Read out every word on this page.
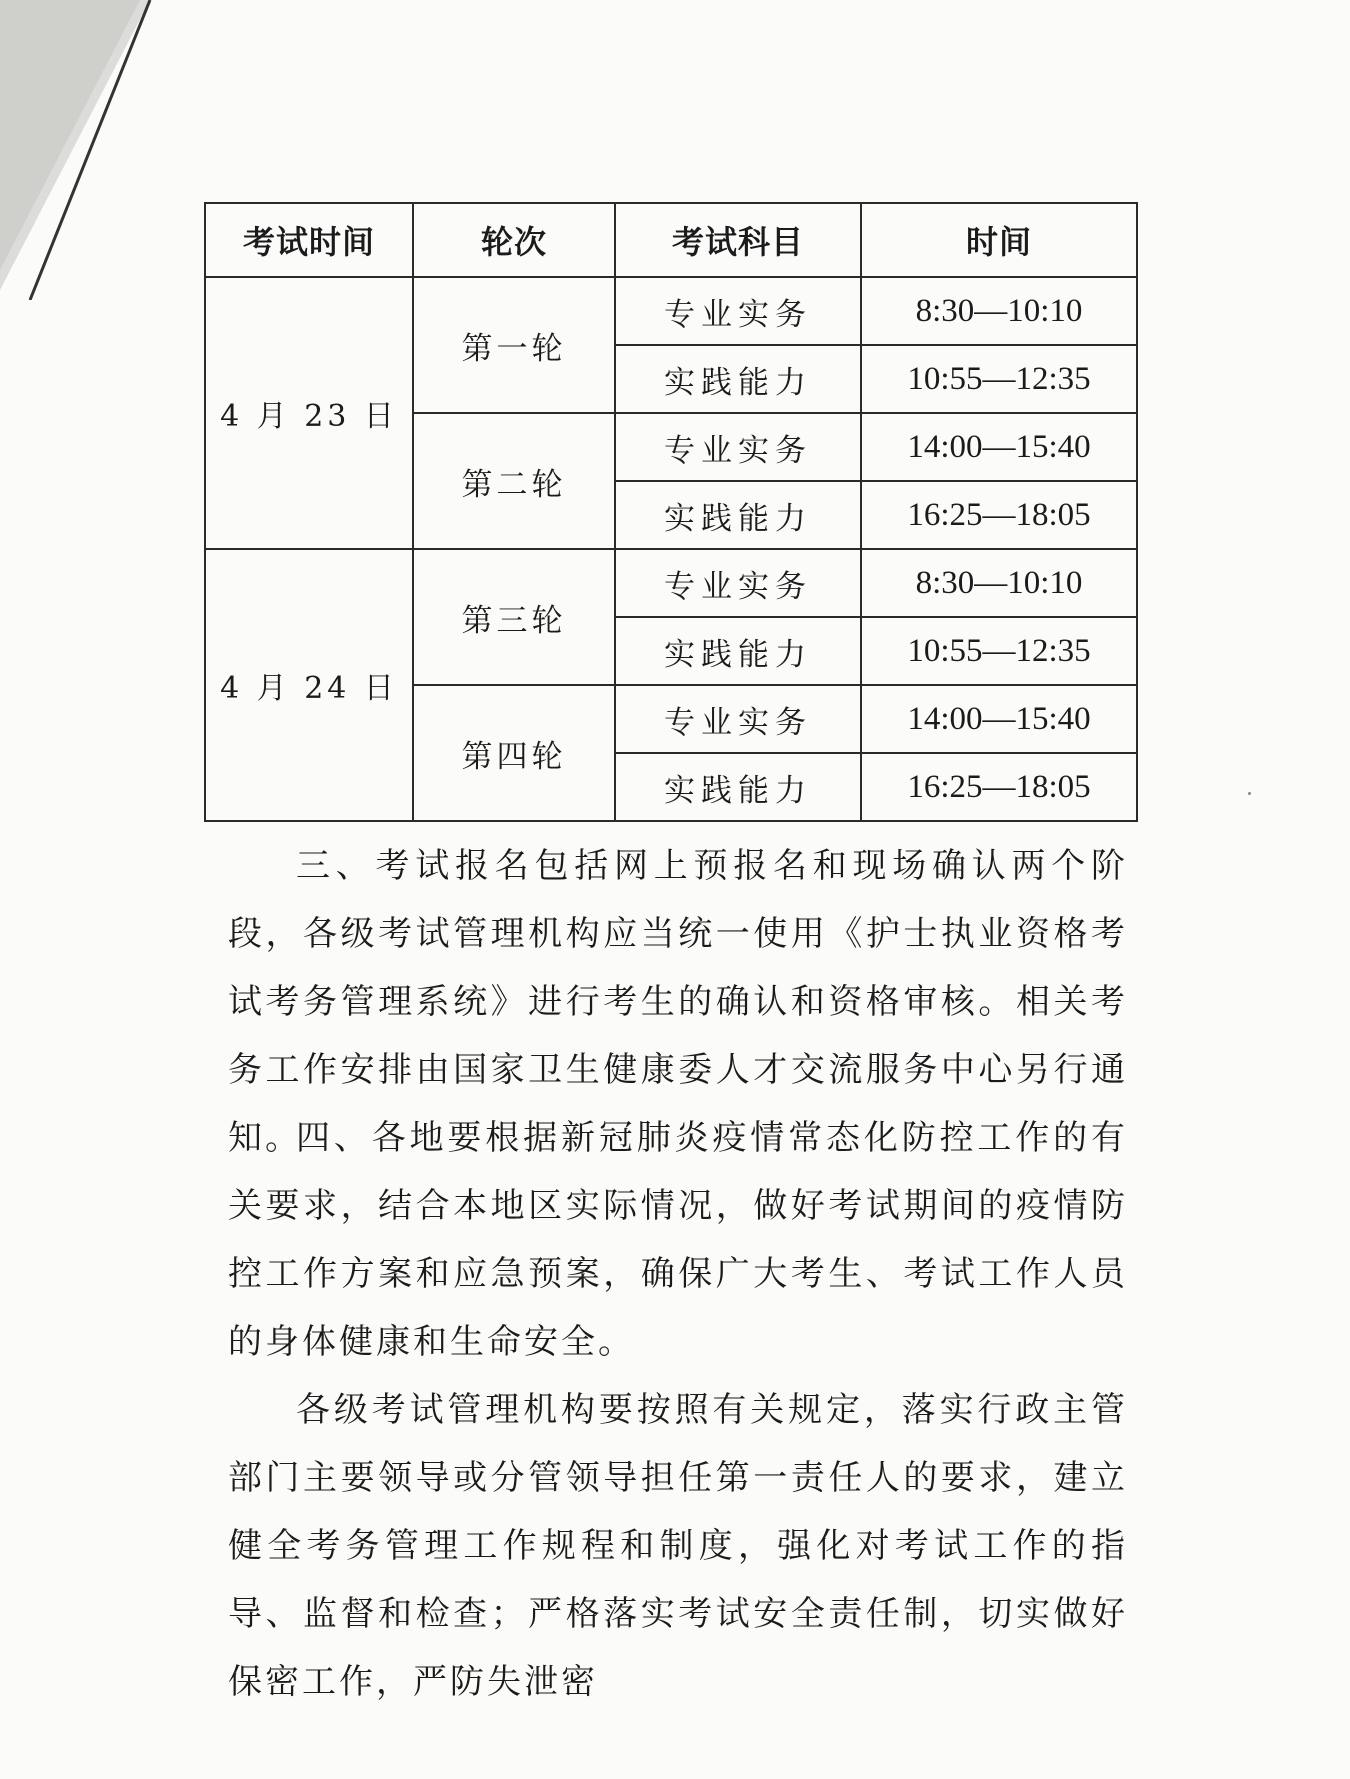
考试时间	轮次	考试科目	时间
4 月 23 日	第一轮	专业实务	8:30—10:10
		实践能力	10:55—12:35
	第二轮	专业实务	14:00—15:40
		实践能力	16:25—18:05
4 月 24 日	第三轮	专业实务	8:30—10:10
		实践能力	10:55—12:35
	第四轮	专业实务	14:00—15:40
		实践能力	16:25—18:05

三、考试报名包括网上预报名和现场确认两个阶段，各级考试管理机构应当统一使用《护士执业资格考试考务管理系统》进行考生的确认和资格审核。相关考务工作安排由国家卫生健康委人才交流服务中心另行通知。

四、各地要根据新冠肺炎疫情常态化防控工作的有关要求，结合本地区实际情况，做好考试期间的疫情防控工作方案和应急预案，确保广大考生、考试工作人员的身体健康和生命安全。

各级考试管理机构要按照有关规定，落实行政主管部门主要领导或分管领导担任第一责任人的要求，建立健全考务管理工作规程和制度，强化对考试工作的指导、监督和检查；严格落实考试安全责任制，切实做好保密工作，严防失泄密
